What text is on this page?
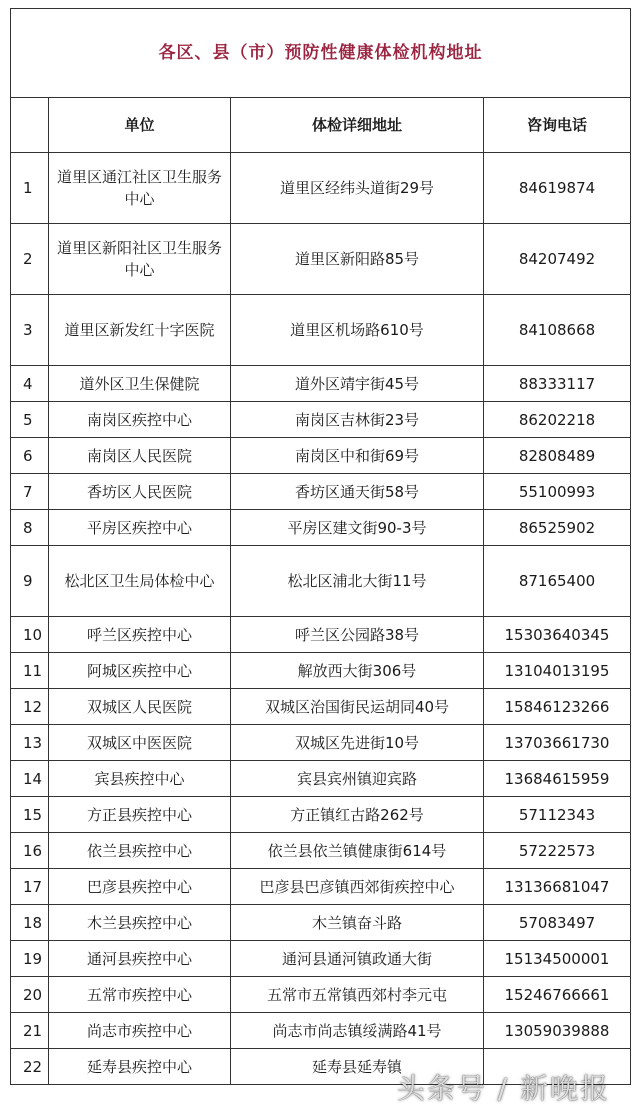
各区、县（市）预防性健康体检机构地址			
	单位	体检详细地址	咨询电话
1	道里区通江社区卫生服务中心	道里区经纬头道街29号	84619874
2	道里区新阳社区卫生服务中心	道里区新阳路85号	84207492
3	道里区新发红十字医院	道里区机场路610号	84108668
4	道外区卫生保健院	道外区靖宇街45号	88333117
5	南岗区疾控中心	南岗区吉林街23号	86202218
6	南岗区人民医院	南岗区中和街69号	82808489
7	香坊区人民医院	香坊区通天街58号	55100993
8	平房区疾控中心	平房区建文街90-3号	86525902
9	松北区卫生局体检中心	松北区浦北大街11号	87165400
10	呼兰区疾控中心	呼兰区公园路38号	15303640345
11	阿城区疾控中心	解放西大街306号	13104013195
12	双城区人民医院	双城区治国街民运胡同40号	15846123266
13	双城区中医医院	双城区先进街10号	13703661730
14	宾县疾控中心	宾县宾州镇迎宾路	13684615959
15	方正县疾控中心	方正镇红古路262号	57112343
16	依兰县疾控中心	依兰县依兰镇健康街614号	57222573
17	巴彦县疾控中心	巴彦县巴彦镇西郊街疾控中心	13136681047
18	木兰县疾控中心	木兰镇奋斗路	57083497
19	通河县疾控中心	通河县通河镇政通大街	15134500001
20	五常市疾控中心	五常市五常镇西郊村李元屯	15246766661
21	尚志市疾控中心	尚志市尚志镇绥满路41号	13059039888
22	延寿县疾控中心	延寿县延寿镇	
头条号 / 新晚报
